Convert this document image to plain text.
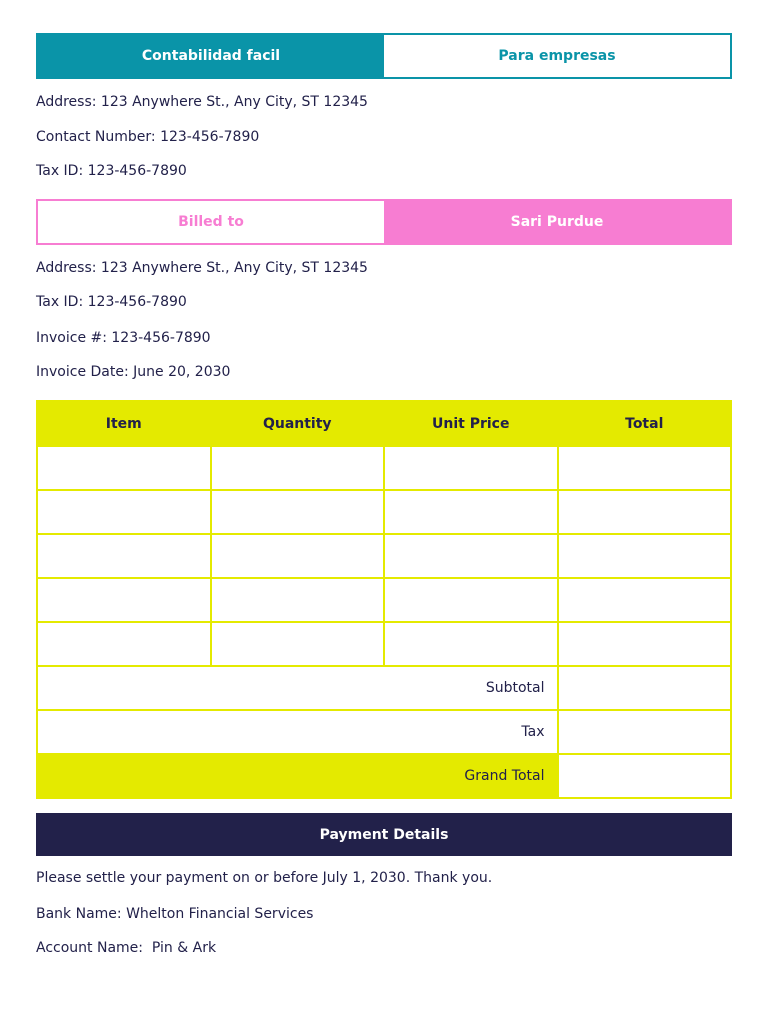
Contabilidad facil	Para empresas
Address: 123 Anywhere St., Any City, ST 12345
Contact Number: 123-456-7890
Tax ID: 123-456-7890
Billed to	Sari Purdue
Address: 123 Anywhere St., Any City, ST 12345
Tax ID: 123-456-7890
Invoice #: 123-456-7890
Invoice Date: June 20, 2030
Item	Quantity	Unit Price	Total

Subtotal			
Tax			
Grand Total			
Payment Details
Please settle your payment on or before July 1, 2030. Thank you.
Bank Name: Whelton Financial Services
Account Name:  Pin & Ark
